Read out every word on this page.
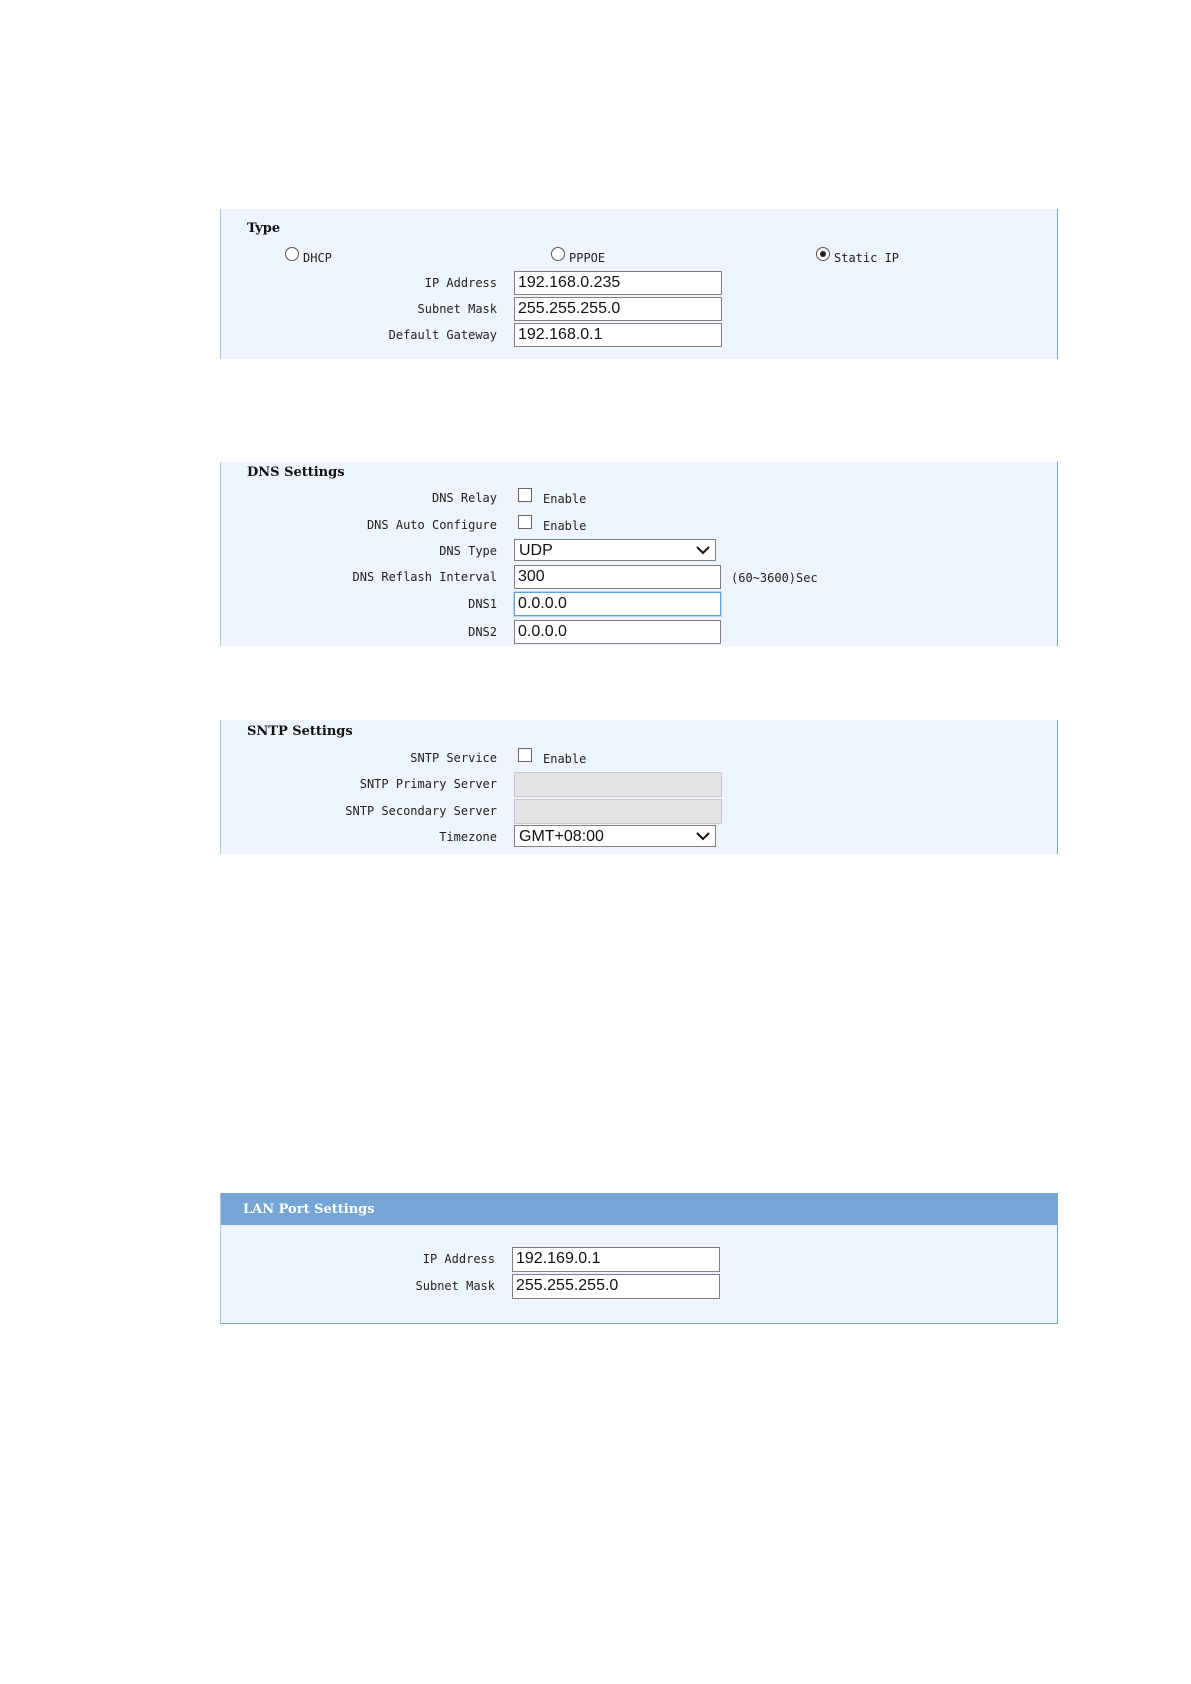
Type
DHCP	PPPOE	Static IP
IP Address 192.168.0.235
Subnet Mask 255.255.255.0
Default Gateway 192.168.0.1
DNS Settings
DNS Relay	Enable
DNS Auto Configure	Enable
DNS Type	UDP
DNS Reflash Interval 300	(60~3600)Sec
DNS1 0.0.0.0
DNS2 0.0.0.0
SNTP Settings
SNTP Service	Enable
SNTP Primary Server
SNTP Secondary Server
Timezone	GMT+08:00
LAN Port Settings
IP Address 192.169.0.1
Subnet Mask 255.255.255.0
